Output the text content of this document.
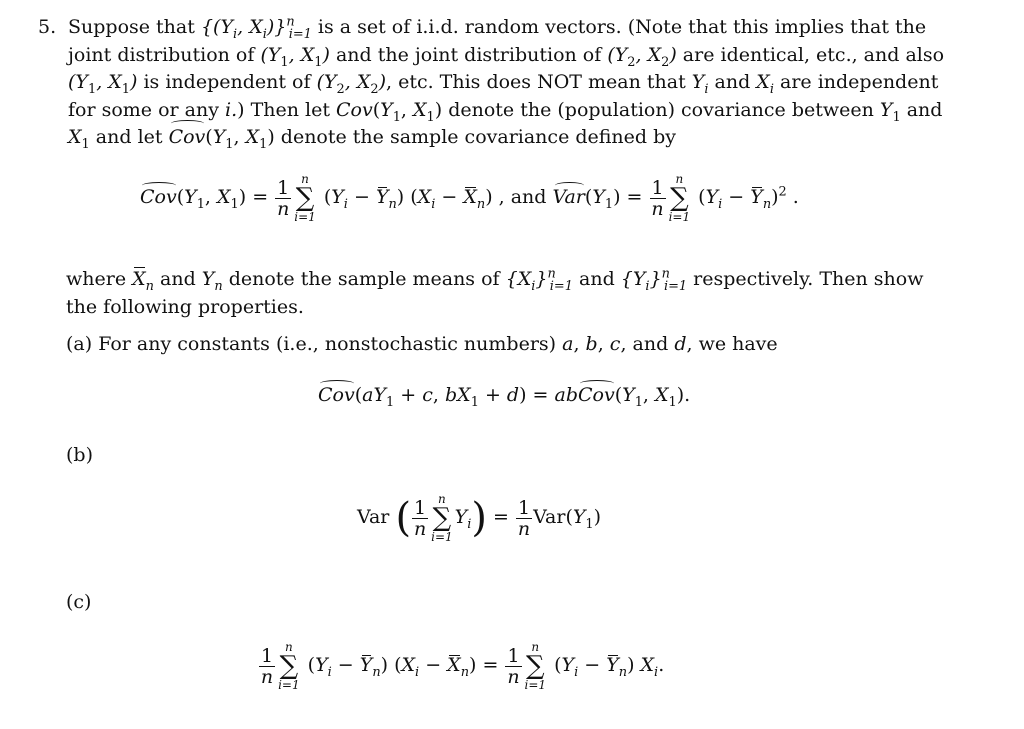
5. Suppose that {($Y_i$, $X_i)\}^n_{i=1}$ is a set of i.i.d. random vectors. (Note that this implies that the
joint distribution of ($Y_1$, $X_1$) and the joint distribution of ($Y_2$, $X_2$) are identical, etc., and also
($Y_1$, $X_1$) is independent of ($Y_2$, $X_2$), etc. This does NOT mean that $Y_i$ and $X_i$ are independent
for some or any i.) Then let $Cov(Y_1$, $X_1$) denote the (population) covariance between $Y_1$ and
$X_1$ and let $Cov(Y_1$, $X_1$) denote the sample covariance defined by
$Cov(Y_1$, $X_1) = \frac{1}{n}$ n
∑
i=1
$(Y_i - Y_n) (X_i - X_n)$ , and $Var(Y_1) = \frac{1}{n}$ n
∑
i=1
$(Y_i - Y_n)^2$ .
where $X_n$ and $Y_n$ denote the sample means of $\{X_i\}^n_{i=1}$ and $\{Y_i\}^n_{i=1}$ respectively. Then show
the following properties.
(a) For any constants (i.e., nonstochastic numbers) a, b, c, and d, we have
$Cov(aY_1 + c$, $bX_1 + d$) = $abCov(Y_1$, $X_1$).
(b)
Var ( $\frac{1}{n}$ n
∑
i=1
$Y_i) = \frac{1}{n} Var(Y_1)$
(c)
$\frac{1}{n}$ n
∑
i=1
$(Y_i - Y_n) (X_i - X_n) = \frac{1}{n}$ n
∑
i=1
$(Y_i - Y_n)$ $X_i$.
